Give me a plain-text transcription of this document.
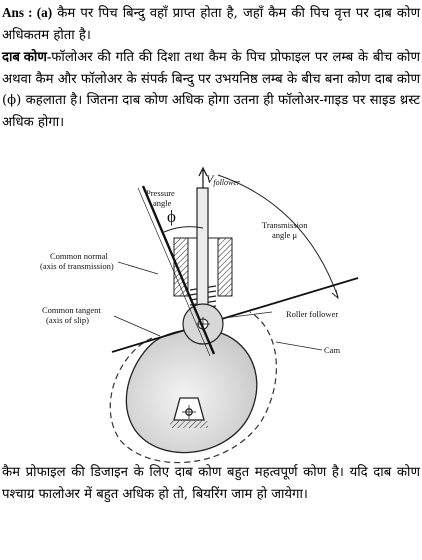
Ans : (a) कैम पर पिच बिन्दु वहाँ प्राप्त होता है, जहाँ कैम की पिच वृत्त पर दाब कोण अधिकतम होता है।
दाब कोण-फॉलोअर की गति की दिशा तथा कैम के पिच प्रोफाइल पर लम्ब के बीच कोण अथवा कैम और फॉलोअर के संपर्क बिन्दु पर उभयनिष्ठ लम्ब के बीच बना कोण दाब कोण (ϕ) कहलाता है। जितना दाब कोण अधिक होगा उतना ही फॉलोअर-गाइड पर साइड थ्रस्ट अधिक होगा।
Vfollower
Pressure
angle
ϕ	Transmission
angle μ
Common normal
(axis of transmission)
Common tangent
(axis of slip)
Roller follower
Cam
कैम प्रोफाइल की डिजाइन के लिए दाब कोण बहुत महत्वपूर्ण कोण है। यदि दाब कोण पश्चाग्र फालोअर में बहुत अधिक हो तो, बियरिंग जाम हो जायेगा।
